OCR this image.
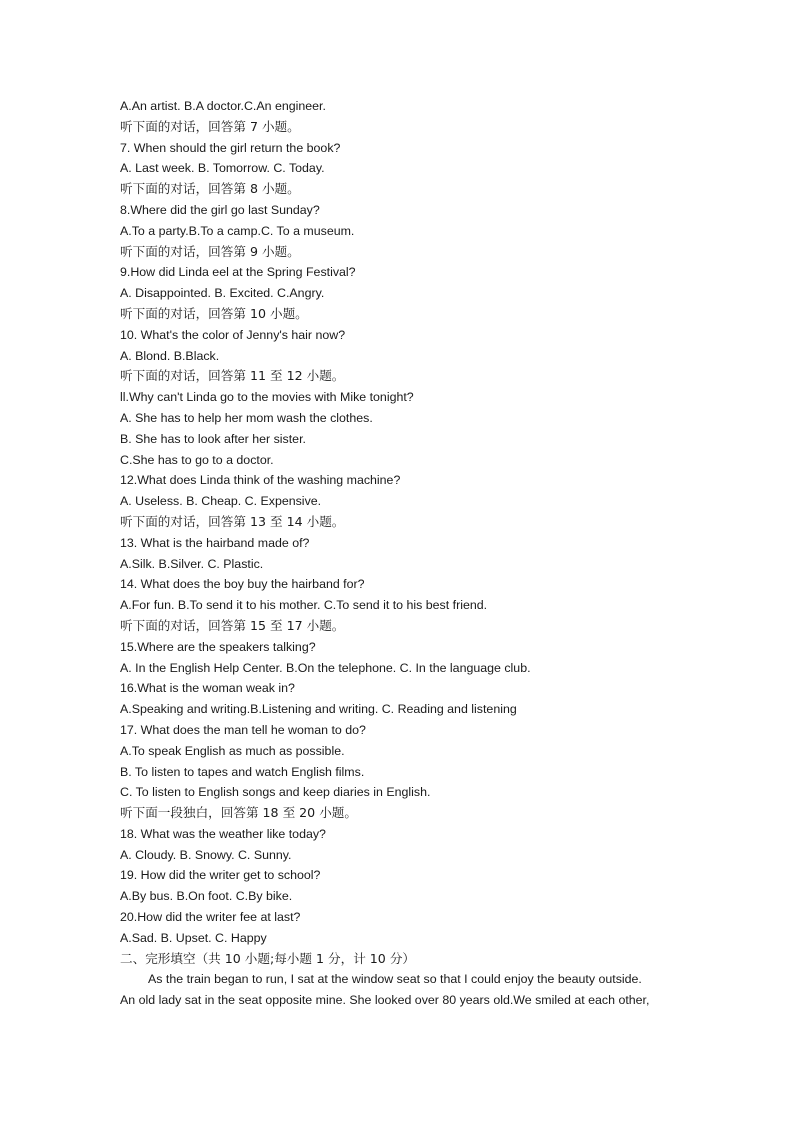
A.An artist. B.A doctor.C.An engineer.
听下面的对话，回答第 7 小题。
7. When should the girl return the book?
A. Last week. B. Tomorrow. C. Today.
听下面的对话，回答第 8 小题。
8.Where did the girl go last Sunday?
A.To a party.B.To a camp.C. To a museum.
听下面的对话，回答第 9 小题。
9.How did Linda eel at the Spring Festival?
A. Disappointed. B. Excited. C.Angry.
听下面的对话，回答第 10 小题。
10. What's the color of Jenny's hair now?
A. Blond. B.Black.
听下面的对话，回答第 11 至 12 小题。
ll.Why can't Linda go to the movies with Mike tonight?
A. She has to help her mom wash the clothes.
B. She has to look after her sister.
C.She has to go to a doctor.
12.What does Linda think of the washing machine?
A. Useless. B. Cheap. C. Expensive.
听下面的对话，回答第 13 至 14 小题。
13. What is the hairband made of?
A.Silk. B.Silver. C. Plastic.
14. What does the boy buy the hairband for?
A.For fun. B.To send it to his mother. C.To send it to his best friend.
听下面的对话，回答第 15 至 17 小题。
15.Where are the speakers talking?
A. In the English Help Center. B.On the telephone. C. In the language club.
16.What is the woman weak in?
A.Speaking and writing.B.Listening and writing. C. Reading and listening
17. What does the man tell he woman to do?
A.To speak English as much as possible.
B. To listen to tapes and watch English films.
C. To listen to English songs and keep diaries in English.
听下面一段独白，回答第 18 至 20 小题。
18. What was the weather like today?
A. Cloudy. B. Snowy. C. Sunny.
19. How did the writer get to school?
A.By bus. B.On foot. C.By bike.
20.How did the writer fee at last?
A.Sad. B. Upset. C. Happy
二、完形填空（共 10 小题;每小题 1 分，计 10 分）
As the train began to run, I sat at the window seat so that I could enjoy the beauty outside.
An old lady sat in the seat opposite mine. She looked over 80 years old.We smiled at each other,
